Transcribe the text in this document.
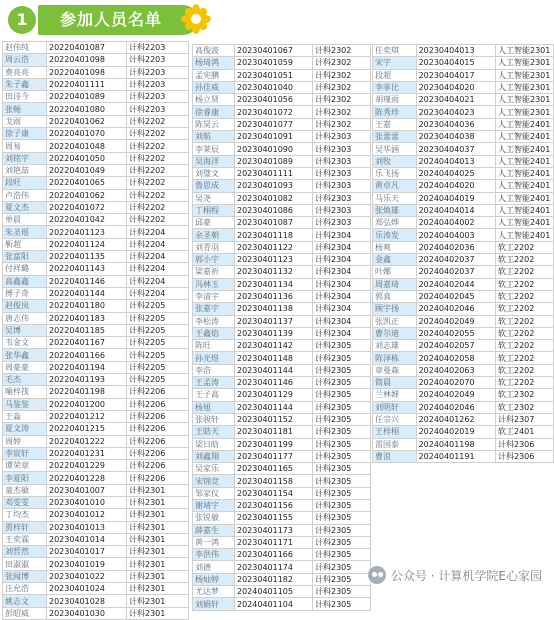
1	参加人员名单
赵伟纯	20220401087	计科2203
周云浩	20220401098	计科2203
费亮亮	20220401098	计科2203
朱子鑫	20220401111	计科2203
田诗今	20220401089	计科2203
张畅	20220401080	计科2203
戈雨	20220401062	计科2202
徐子康	20220401070	计科2202
周易	20220401048	计科2202
刘铭宇	20220401050	计科2202
刘艳喆	20220401049	计科2202
段旺	20220401065	计科2202
卢浩伟	20220401062	计科2202
夏文杰	20220401072	计科2202
单晨	20220401042	计科2202
朱圣瑶	20220401123	计科2204
靳超	20220401124	计科2204
张富阳	20220401135	计科2204
付祥璐	20220401143	计科2204
高鑫鑫	20220401146	计科2204
傅子奇	20220401144	计科2204
赵俊岚	20220401180	计科2205
唐志伟	20220401183	计科2205
吴博	20220401185	计科2205
韦金文	20220401167	计科2205
张华鑫	20220401166	计科2205
周豪豪	20220401194	计科2205
毛杰	20220401193	计科2205
喻梓筏	20220401198	计科2206
马鉴鉴	20220401200	计科2206
王淼	20220401212	计科2206
夏文涛	20220401215	计科2206
周婷	20220401222	计科2206
李宸轩	20220401231	计科2206
谭荣章	20220401229	计科2206
李夏阳	20220401228	计科2206
童杰敏	20230401007	计科2301
邓雯雯	20230401010	计科2301
丁均杰	20230401012	计科2301
贾梓轩	20230401013	计科2301
王奕霖	20230401014	计科2301
刘哲然	20230401017	计科2301
田淑淑	20230401019	计科2301
张闻博	20230401022	计科2301
汪允浩	20230401024	计科2301
姚志文	20230401028	计科2301
彭昭威	20230401030	计科2301
高俊波	20230401067	计科2302
杨琦鸿	20230401059	计科2302
孟宪鹏	20230401051	计科2302
孙佳威	20230401040	计科2302
杨立贤	20230401056	计科2302
徐睿康	20230401072	计科2302
陈昊云	20230401077	计科2302
刘航	20230401091	计科2303
李莱辰	20230401090	计科2303
吴海洋	20230401089	计科2303
刘璧文	20230401111	计科2303
鲁思成	20230401093	计科2303
吴尧	20230401082	计科2303
丁栩程	20230401086	计科2303
邱豪	20230401087	计科2303
余圣朝	20230401118	计科2304
刘青羽	20230401122	计科2304
郭小宇	20230401123	计科2304
梁嘉祈	20230401132	计科2304
冯林玉	20230401134	计科2304
李清宇	20230401136	计科2304
张嘉宇	20230401138	计科2304
李松涛	20230401137	计科2304
王鑫焰	20230401139	计科2304
陈旺	20230401142	计科2305
孙光煜	20230401148	计科2305
李浩	20230401144	计科2305
王孟涛	20230401146	计科2305
王子高	20230401129	计科2305
杨旭	20230401144	计科2305
张骏轩	20230401152	计科2305
王皓天	20230401181	计科2305
梁日晗	20230401199	计科2305
刘鑫翔	20230401177	计科2305
吴家乐	20230401165	计科2305
宋锦竞	20230401158	计科2305
邹家仪	20230401154	计科2305
谢靖宇	20230401156	计科2305
张锐敏	20230401155	计科2305
薛嘉生	20230401173	计科2305
黄一鸿	20230401171	计科2305
李洪伟	20230401166	计科2305
刘德	20230401174	计科2305
杨灿婷	20230401182	计科2305
尤达梦	20240401105	计科2305
刘娟轩	20240401104	计科2305
任奕琪	20230404013	人工智能2301
宋宇	20230404015	人工智能2301
段超	20230404017	人工智能2301
李菲比	20230404020	人工智能2301
胡瑾雨	20230404021	人工智能2301
陈秀珍	20230404023	人工智能2301
王嘉	20230404036	人工智能2401
张蕾蕾	20230404038	人工智能2401
吴华涵	20230404037	人工智能2401
刘牧	20240404013	人工智能2401
乐飞扬	20240404025	人工智能2401
黄卓凡	20240404020	人工智能2401
马乐天	20240404019	人工智能2401
张焕雄	20240404014	人工智能2401
郑弘烨	20240404002	人工智能2401
乐涛发	20240404003	人工智能2401
杨爽	20240402036	软工2202
金鑫	20240402037	软工2202
叶娜	20240402037	软工2202
周嘉琦	20240402044	软工2202
郭真	20240402045	软工2202
顾宇扬	20240402046	软工2202
张凯正	20240402049	软工2202
曹尔迪	20240402055	软工2202
刘志雄	20240402057	软工2202
陈泽栋	20240402058	软工2202
章曼森	20240402063	软工2202
简晨	20240402070	软工2202
兰林婵	20240402049	软工2302
刘明轩	20240402046	软工2302
任宗兴	20240401262	计科2307
王梓栩	20240402019	软工2401
雷国泰	20240401198	计科2306
曹浪	20240401191	计科2306
公众号 · 计算机学院E心家园
